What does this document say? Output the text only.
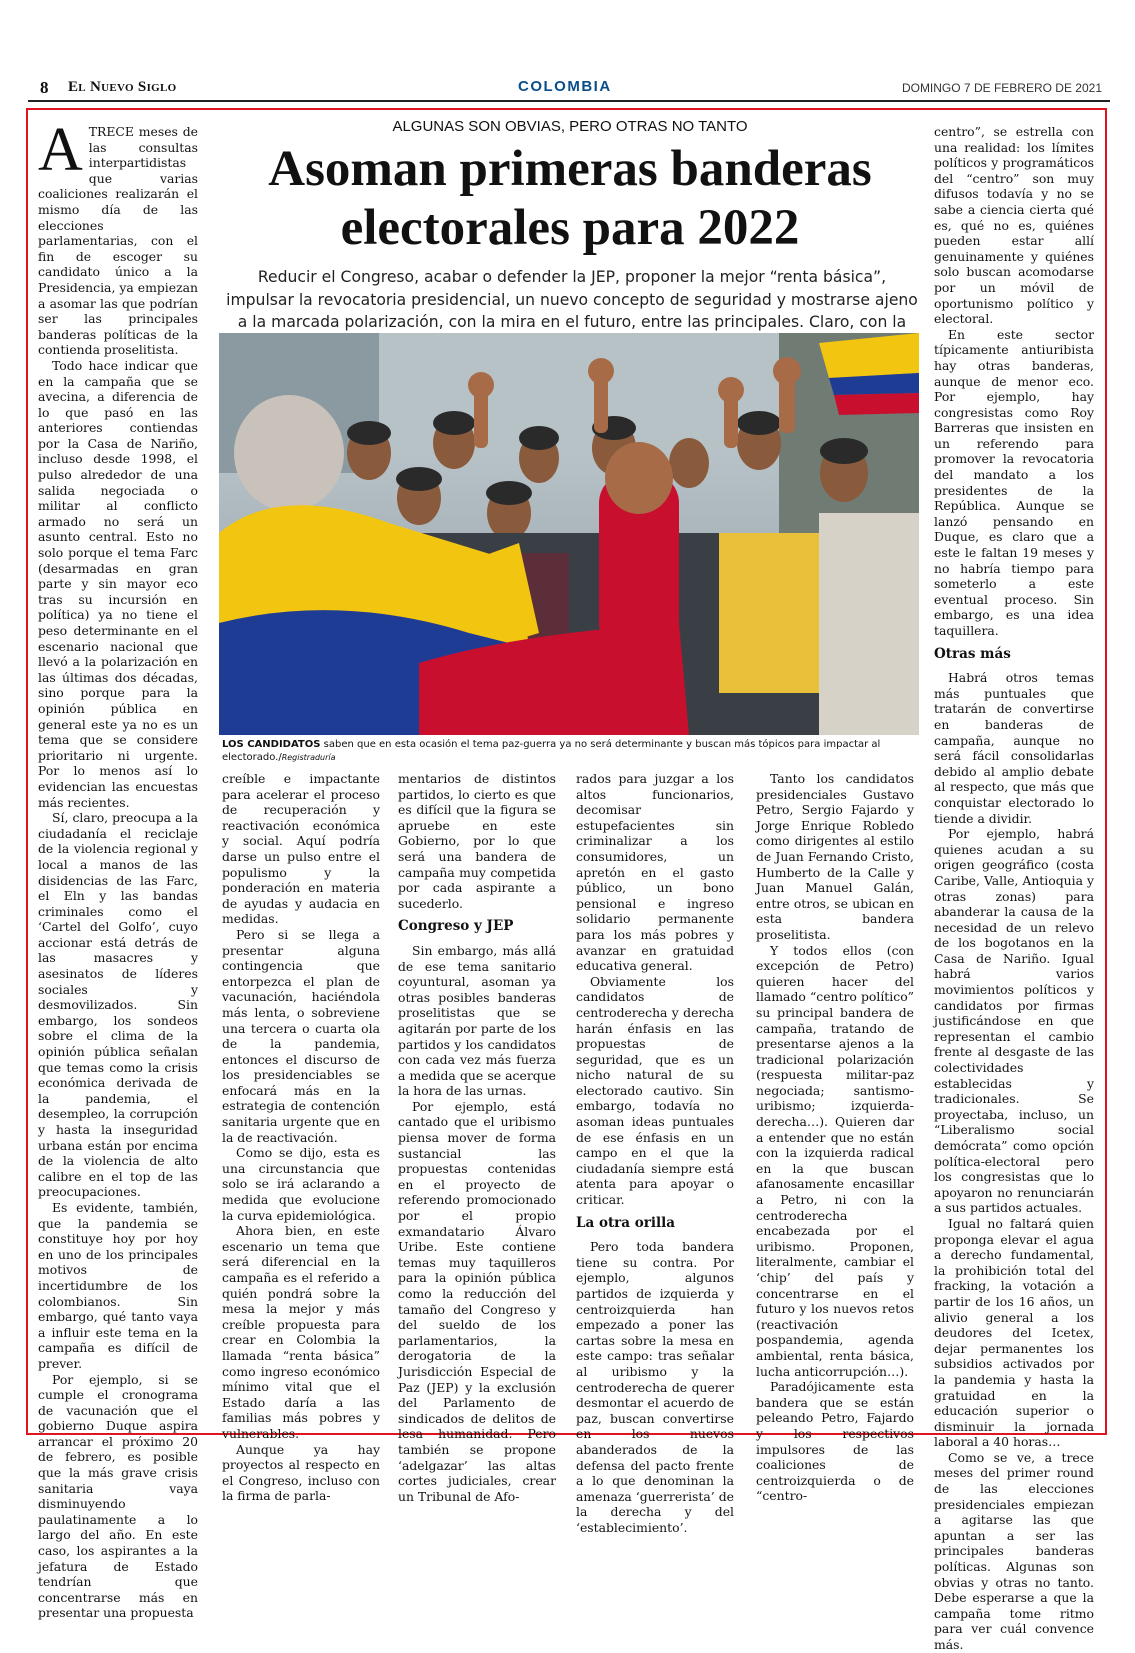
8 El Nuevo Siglo	COLOMBIA	DOMINGO 7 DE FEBRERO DE 2021
ALGUNAS SON OBVIAS, PERO OTRAS NO TANTO
Asoman primeras banderas electorales para 2022
Reducir el Congreso, acabar o defender la JEP, proponer la mejor “renta básica”, impulsar la revocatoria presidencial, un nuevo concepto de seguridad y mostrarse ajeno a la marcada polarización, con la mira en el futuro, entre las principales. Claro, con la
LOS CANDIDATOS saben que en esta ocasión el tema paz-guerra ya no será determinante y buscan más tópicos para impactar al electorado./Registraduría
A TRECE meses de las consultas interpartidistas que varias coaliciones realizarán el mismo día de las elecciones parlamentarias, con el fin de escoger su candidato único a la Presidencia, ya empiezan a asomar las que podrían ser las principales banderas políticas de la contienda proselitista.

Todo hace indicar que en la campaña que se avecina, a diferencia de lo que pasó en las anteriores contiendas por la Casa de Nariño, incluso desde 1998, el pulso alrededor de una salida negociada o militar al conflicto armado no será un asunto central. Esto no solo porque el tema Farc (desarmadas en gran parte y sin mayor eco tras su incursión en política) ya no tiene el peso determinante en el escenario nacional que llevó a la polarización en las últimas dos décadas, sino porque para la opinión pública en general este ya no es un tema que se considere prioritario ni urgente. Por lo menos así lo evidencian las encuestas más recientes.

Sí, claro, preocupa a la ciudadanía el reciclaje de la violencia regional y local a manos de las disidencias de las Farc, el Eln y las bandas criminales como el ‘Cartel del Golfo’, cuyo accionar está detrás de las masacres y asesinatos de líderes sociales y desmovilizados. Sin embargo, los sondeos sobre el clima de la opinión pública señalan que temas como la crisis económica derivada de la pandemia, el desempleo, la corrupción y hasta la inseguridad urbana están por encima de la violencia de alto calibre en el top de las preocupaciones.

Es evidente, también, que la pandemia se constituye hoy por hoy en uno de los principales motivos de incertidumbre de los colombianos. Sin embargo, qué tanto vaya a influir este tema en la campaña es difícil de prever.

Por ejemplo, si se cumple el cronograma de vacunación que el gobierno Duque aspira arrancar el próximo 20 de febrero, es posible que la más grave crisis sanitaria vaya disminuyendo paulatinamente a lo largo del año. En este caso, los aspirantes a la jefatura de Estado tendrían que concentrarse más en presentar una propuesta

creíble e impactante para acelerar el proceso de recuperación y reactivación económica y social. Aquí podría darse un pulso entre el populismo y la ponderación en materia de ayudas y audacia en medidas.

Pero si se llega a presentar alguna contingencia que entorpezca el plan de vacunación, haciéndola más lenta, o sobreviene una tercera o cuarta ola de la pandemia, entonces el discurso de los presidenciables se enfocará más en la estrategia de contención sanitaria urgente que en la de reactivación.

Como se dijo, esta es una circunstancia que solo se irá aclarando a medida que evolucione la curva epidemiológica.

Ahora bien, en este escenario un tema que será diferencial en la campaña es el referido a quién pondrá sobre la mesa la mejor y más creíble propuesta para crear en Colombia la llamada “renta básica” como ingreso económico mínimo vital que el Estado daría a las familias más pobres y vulnerables.

Aunque ya hay proyectos al respecto en el Congreso, incluso con la firma de parla-

mentarios de distintos partidos, lo cierto es que es difícil que la figura se apruebe en este Gobierno, por lo que será una bandera de campaña muy competida por cada aspirante a sucederlo.

Congreso y JEP

Sin embargo, más allá de ese tema sanitario coyuntural, asoman ya otras posibles banderas proselitistas que se agitarán por parte de los partidos y los candidatos con cada vez más fuerza a medida que se acerque la hora de las urnas.

Por ejemplo, está cantado que el uribismo piensa mover de forma sustancial las propuestas contenidas en el proyecto de referendo promocionado por el propio exmandatario Álvaro Uribe. Este contiene temas muy taquilleros para la opinión pública como la reducción del tamaño del Congreso y del sueldo de los parlamentarios, la derogatoria de la Jurisdicción Especial de Paz (JEP) y la exclusión del Parlamento de sindicados de delitos de lesa humanidad. Pero también se propone ‘adelgazar’ las altas cortes judiciales, crear un Tribunal de Afo-

rados para juzgar a los altos funcionarios, decomisar estupefacientes sin criminalizar a los consumidores, un apretón en el gasto público, un bono pensional e ingreso solidario permanente para los más pobres y avanzar en gratuidad educativa general.

Obviamente los candidatos de centroderecha y derecha harán énfasis en las propuestas de seguridad, que es un nicho natural de su electorado cautivo. Sin embargo, todavía no asoman ideas puntuales de ese énfasis en un campo en el que la ciudadanía siempre está atenta para apoyar o criticar.

La otra orilla

Pero toda bandera tiene su contra. Por ejemplo, algunos partidos de izquierda y centroizquierda han empezado a poner las cartas sobre la mesa en este campo: tras señalar al uribismo y la centroderecha de querer desmontar el acuerdo de paz, buscan convertirse en los nuevos abanderados de la defensa del pacto frente a lo que denominan la amenaza ‘guerrerista’ de la derecha y del ‘establecimiento’.

Tanto los candidatos presidenciales Gustavo Petro, Sergio Fajardo y Jorge Enrique Robledo como dirigentes al estilo de Juan Fernando Cristo, Humberto de la Calle y Juan Manuel Galán, entre otros, se ubican en esta bandera proselitista.

Y todos ellos (con excepción de Petro) quieren hacer del llamado “centro político” su principal bandera de campaña, tratando de presentarse ajenos a la tradicional polarización (respuesta militar-paz negociada; santismo-uribismo; izquierda-derecha…). Quieren dar a entender que no están con la izquierda radical en la que buscan afanosamente encasillar a Petro, ni con la centroderecha encabezada por el uribismo. Proponen, literalmente, cambiar el ‘chip’ del país y concentrarse en el futuro y los nuevos retos (reactivación pospandemia, agenda ambiental, renta básica, lucha anticorrupción…).

Paradójicamente esta bandera que se están peleando Petro, Fajardo y los respectivos impulsores de las coaliciones de centroizquierda o de “centro-

centro”, se estrella con una realidad: los límites políticos y programáticos del “centro” son muy difusos todavía y no se sabe a ciencia cierta qué es, qué no es, quiénes pueden estar allí genuinamente y quiénes solo buscan acomodarse por un móvil de oportunismo político y electoral.

En este sector típicamente antiuribista hay otras banderas, aunque de menor eco. Por ejemplo, hay congresistas como Roy Barreras que insisten en un referendo para promover la revocatoria del mandato a los presidentes de la República. Aunque se lanzó pensando en Duque, es claro que a este le faltan 19 meses y no habría tiempo para someterlo a este eventual proceso. Sin embargo, es una idea taquillera.

Otras más

Habrá otros temas más puntuales que tratarán de convertirse en banderas de campaña, aunque no será fácil consolidarlas debido al amplio debate al respecto, que más que conquistar electorado lo tiende a dividir.

Por ejemplo, habrá quienes acudan a su origen geográfico (costa Caribe, Valle, Antioquia y otras zonas) para abanderar la causa de la necesidad de un relevo de los bogotanos en la Casa de Nariño. Igual habrá varios movimientos políticos y candidatos por firmas justificándose en que representan el cambio frente al desgaste de las colectividades establecidas y tradicionales. Se proyectaba, incluso, un “Liberalismo social demócrata” como opción política-electoral pero los congresistas que lo apoyaron no renunciarán a sus partidos actuales.

Igual no faltará quien proponga elevar el agua a derecho fundamental, la prohibición total del fracking, la votación a partir de los 16 años, un alivio general a los deudores del Icetex, dejar permanentes los subsidios activados por la pandemia y hasta la gratuidad en la educación superior o disminuir la jornada laboral a 40 horas…

Como se ve, a trece meses del primer round de las elecciones presidenciales empiezan a agitarse las que apuntan a ser las principales banderas políticas. Algunas son obvias y otras no tanto. Debe esperarse a que la campaña tome ritmo para ver cuál convence más.
